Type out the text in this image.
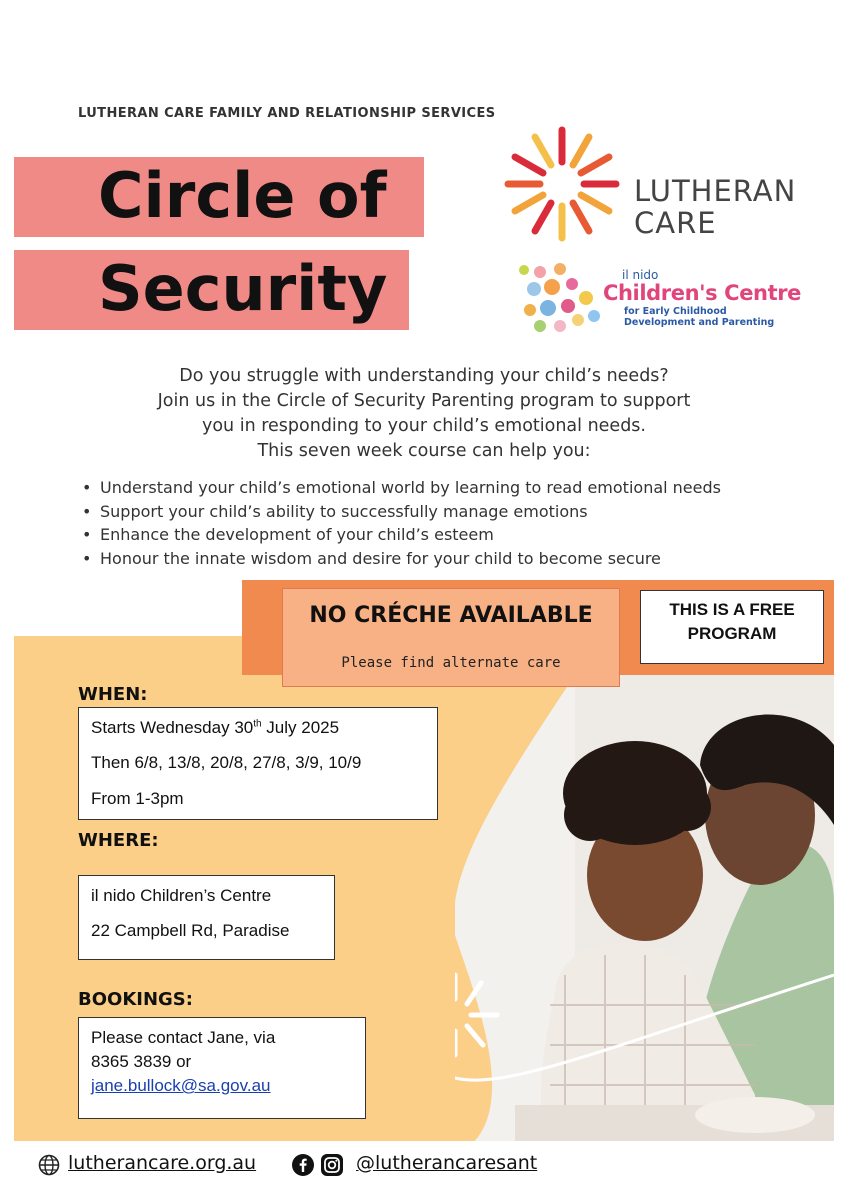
LUTHERAN CARE FAMILY AND RELATIONSHIP SERVICES
Circle of
Security
LUTHERAN
CARE
il nido
Children's Centre
for Early Childhood
Development and Parenting
Do you struggle with understanding your child’s needs?
Join us in the Circle of Security Parenting program to support
you in responding to your child’s emotional needs.
This seven week course can help you:
• Understand your child’s emotional world by learning to read emotional needs
• Support your child’s ability to successfully manage emotions
• Enhance the development of your child’s esteem
• Honour the innate wisdom and desire for your child to become secure
NO CRÉCHE AVAILABLE
Please find alternate care
THIS IS A FREE
PROGRAM
WHEN:
Starts Wednesday 30th July 2025
Then 6/8, 13/8, 20/8, 27/8, 3/9, 10/9
From 1-3pm
WHERE:
il nido Children’s Centre
22 Campbell Rd, Paradise
BOOKINGS:
Please contact Jane, via
8365 3839 or
jane.bullock@sa.gov.au
lutherancare.org.au	@lutherancaresant
